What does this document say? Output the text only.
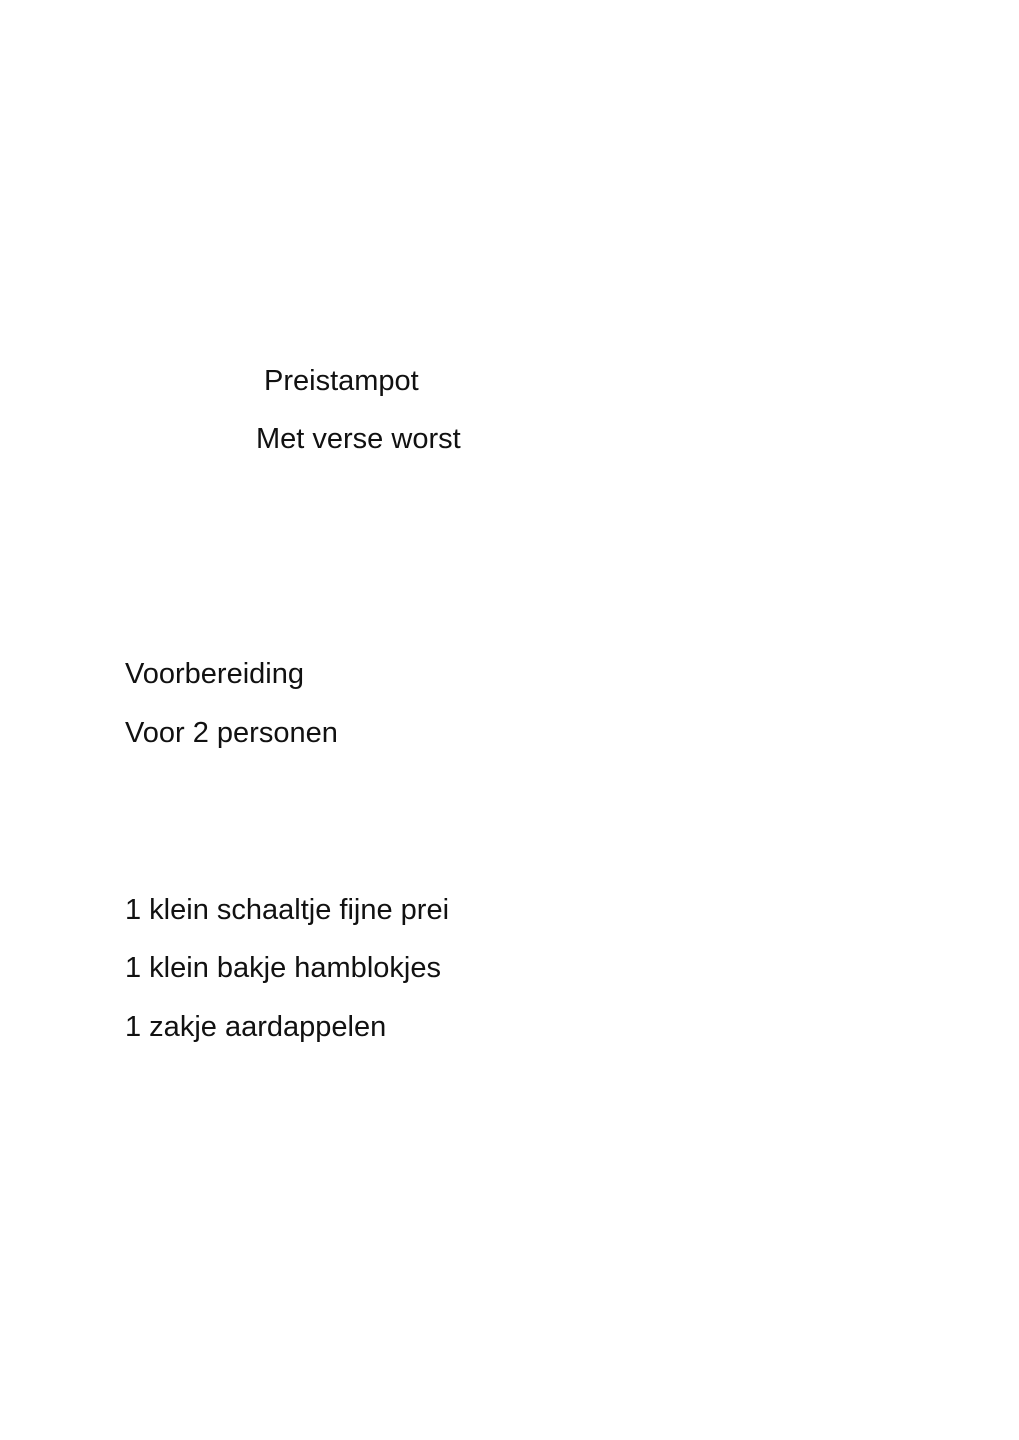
Preistampot
Met verse worst

Voorbereiding

Voor 2 personen

1 klein schaaltje fijne prei

1 klein bakje hamblokjes

1 zakje aardappelen
